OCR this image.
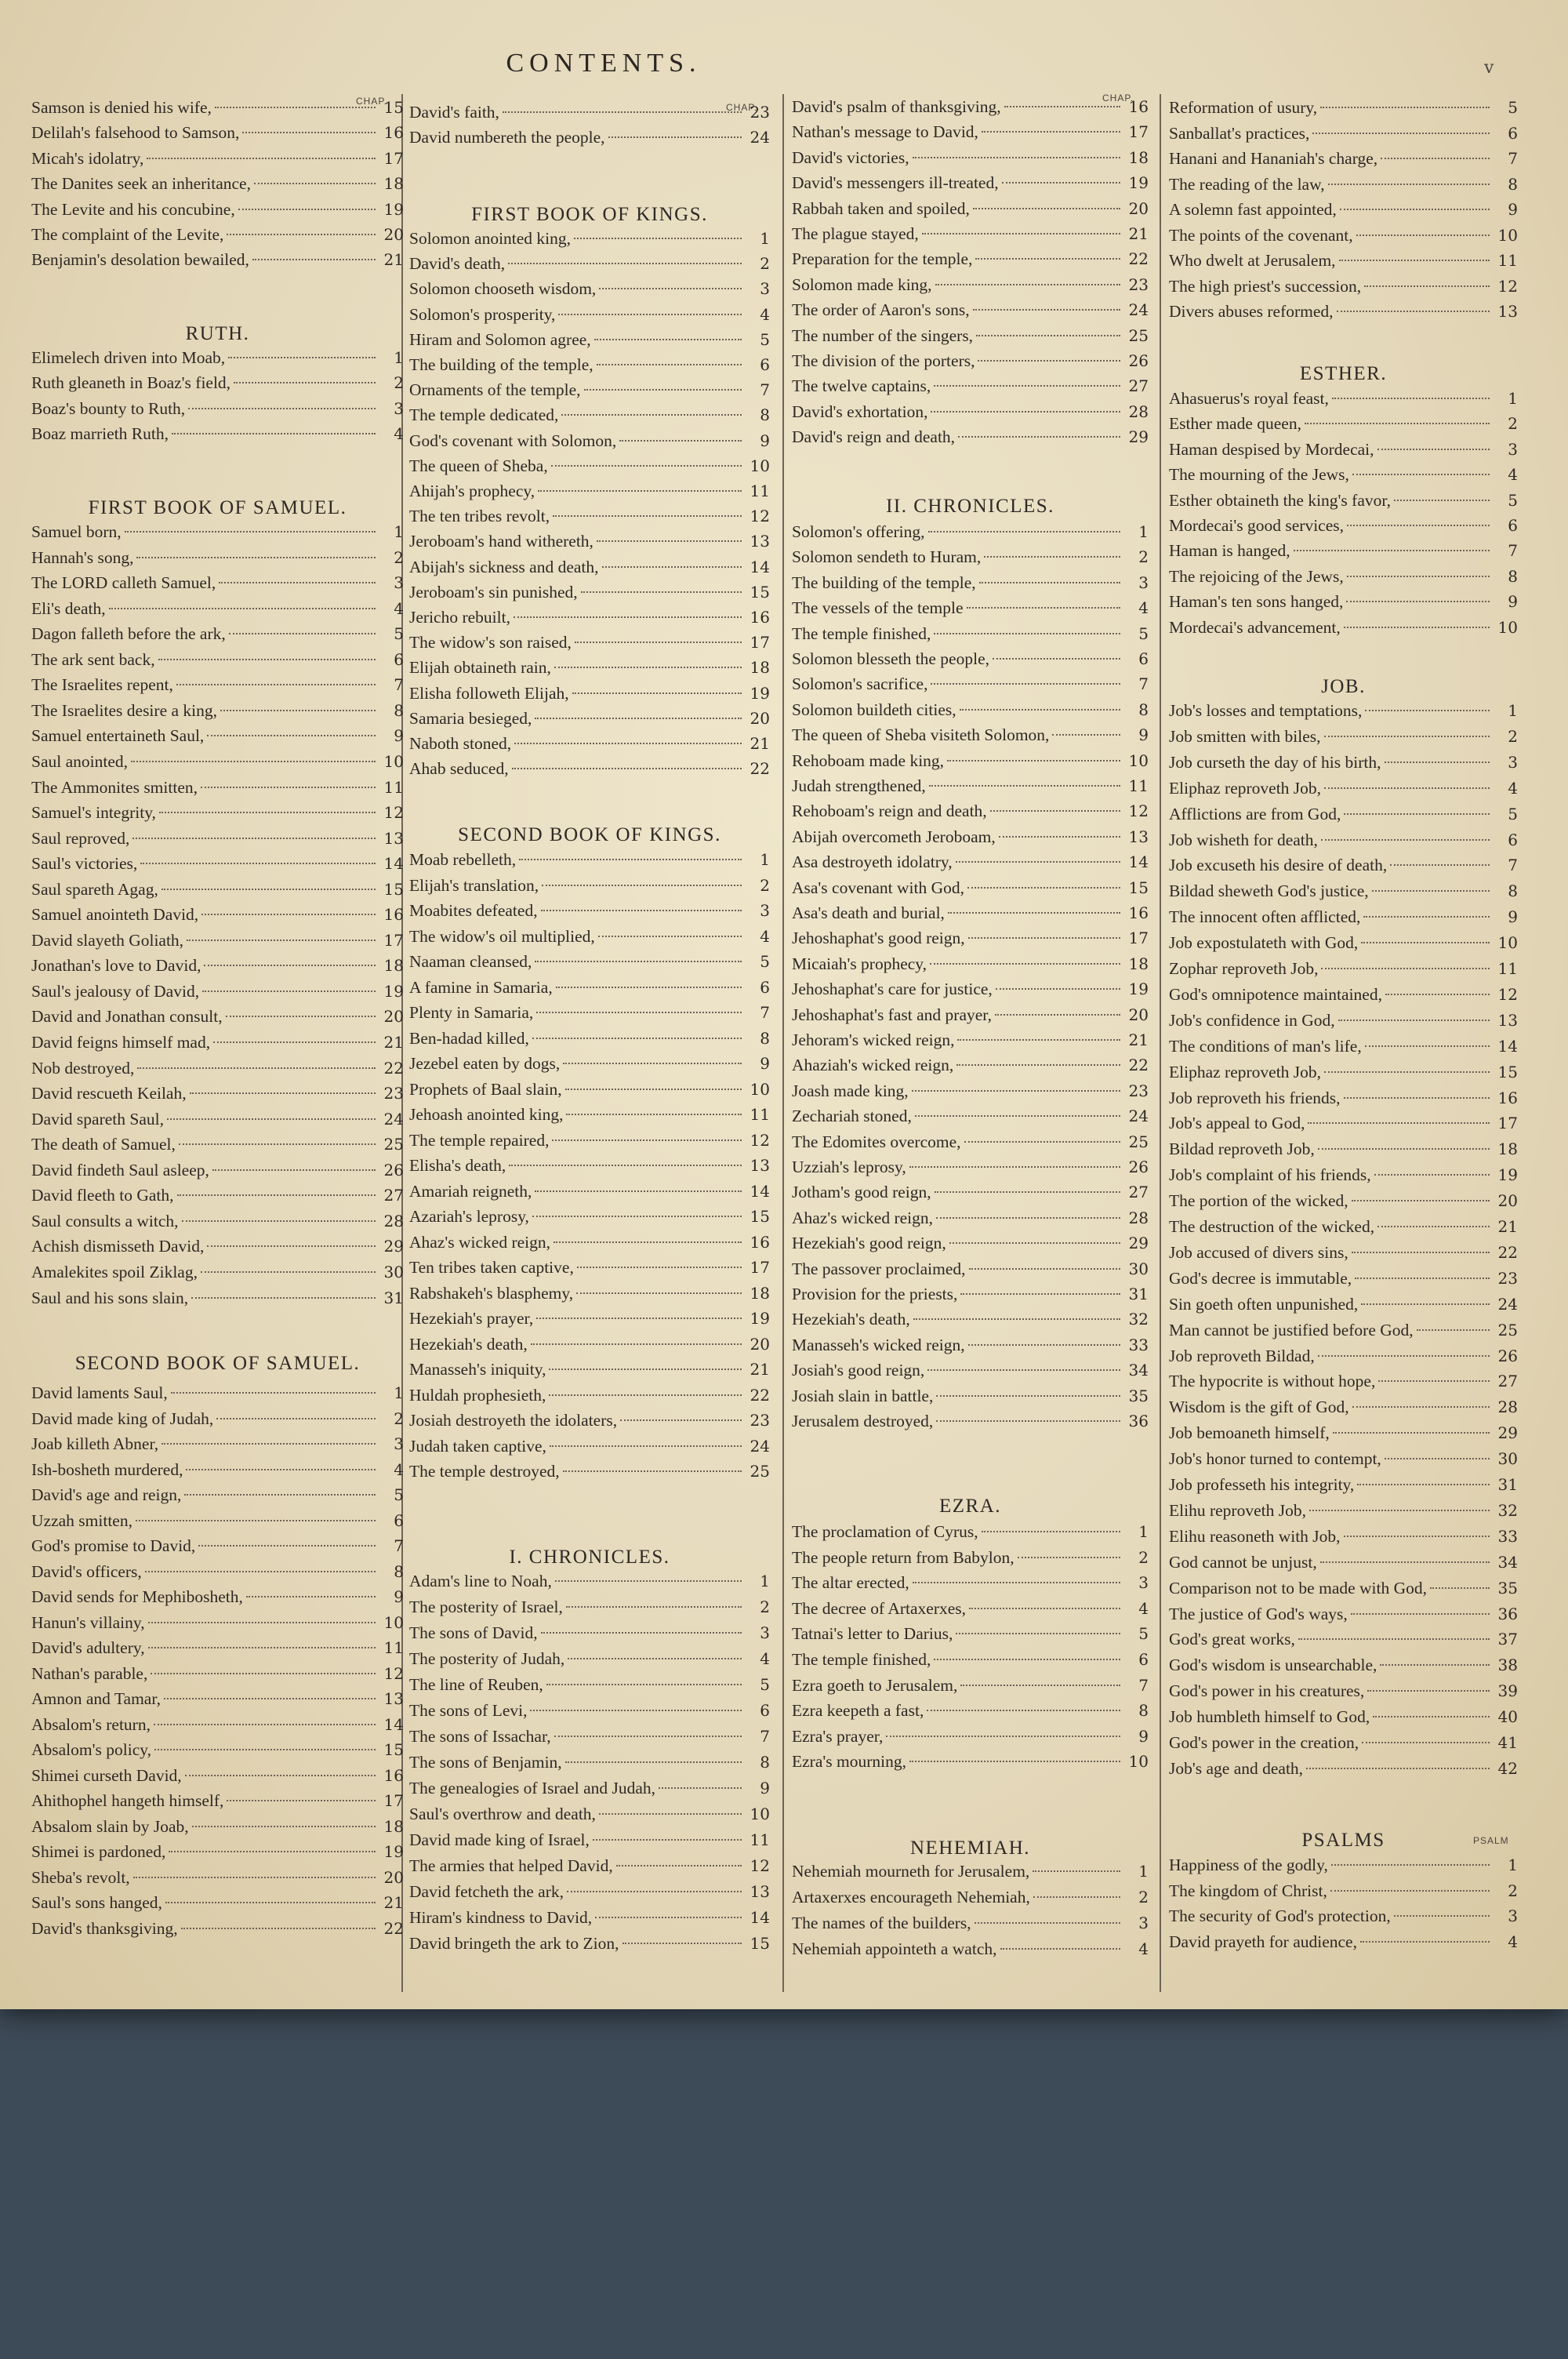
CONTENTS.	v
CHAP.
Samson is denied his wife,	15
Delilah's falsehood to Samson,	16
Micah's idolatry,	17
The Danites seek an inheritance,	18
The Levite and his concubine,	19
The complaint of the Levite,	20
Benjamin's desolation bewailed,	21
RUTH.
Elimelech driven into Moab,	1
Ruth gleaneth in Boaz's field,	2
Boaz's bounty to Ruth,	3
Boaz marrieth Ruth,	4
FIRST BOOK OF SAMUEL.
Samuel born,	1
Hannah's song,	2
The LORD calleth Samuel,	3
Eli's death,	4
Dagon falleth before the ark,	5
The ark sent back,	6
The Israelites repent,	7
The Israelites desire a king,	8
Samuel entertaineth Saul,	9
Saul anointed,	10
The Ammonites smitten,	11
Samuel's integrity,	12
Saul reproved,	13
Saul's victories,	14
Saul spareth Agag,	15
Samuel anointeth David,	16
David slayeth Goliath,	17
Jonathan's love to David,	18
Saul's jealousy of David,	19
David and Jonathan consult,	20
David feigns himself mad,	21
Nob destroyed,	22
David rescueth Keilah,	23
David spareth Saul,	24
The death of Samuel,	25
David findeth Saul asleep,	26
David fleeth to Gath,	27
Saul consults a witch,	28
Achish dismisseth David,	29
Amalekites spoil Ziklag,	30
Saul and his sons slain,	31
SECOND BOOK OF SAMUEL.
David laments Saul,	1
David made king of Judah,	2
Joab killeth Abner,	3
Ish-bosheth murdered,	4
David's age and reign,	5
Uzzah smitten,	6
God's promise to David,	7
David's officers,	8
David sends for Mephibosheth,	9
Hanun's villainy,	10
David's adultery,	11
Nathan's parable,	12
Amnon and Tamar,	13
Absalom's return,	14
Absalom's policy,	15
Shimei curseth David,	16
Ahithophel hangeth himself,	17
Absalom slain by Joab,	18
Shimei is pardoned,	19
Sheba's revolt,	20
Saul's sons hanged,	21
David's thanksgiving,	22
CHAP.
David's faith,	23
David numbereth the people,	24
FIRST BOOK OF KINGS.
Solomon anointed king,	1
David's death,	2
Solomon chooseth wisdom,	3
Solomon's prosperity,	4
Hiram and Solomon agree,	5
The building of the temple,	6
Ornaments of the temple,	7
The temple dedicated,	8
God's covenant with Solomon,	9
The queen of Sheba,	10
Ahijah's prophecy,	11
The ten tribes revolt,	12
Jeroboam's hand withereth,	13
Abijah's sickness and death,	14
Jeroboam's sin punished,	15
Jericho rebuilt,	16
The widow's son raised,	17
Elijah obtaineth rain,	18
Elisha followeth Elijah,	19
Samaria besieged,	20
Naboth stoned,	21
Ahab seduced,	22
SECOND BOOK OF KINGS.
Moab rebelleth,	1
Elijah's translation,	2
Moabites defeated,	3
The widow's oil multiplied,	4
Naaman cleansed,	5
A famine in Samaria,	6
Plenty in Samaria,	7
Ben-hadad killed,	8
Jezebel eaten by dogs,	9
Prophets of Baal slain,	10
Jehoash anointed king,	11
The temple repaired,	12
Elisha's death,	13
Amariah reigneth,	14
Azariah's leprosy,	15
Ahaz's wicked reign,	16
Ten tribes taken captive,	17
Rabshakeh's blasphemy,	18
Hezekiah's prayer,	19
Hezekiah's death,	20
Manasseh's iniquity,	21
Huldah prophesieth,	22
Josiah destroyeth the idolaters,	23
Judah taken captive,	24
The temple destroyed,	25
I. CHRONICLES.
Adam's line to Noah,	1
The posterity of Israel,	2
The sons of David,	3
The posterity of Judah,	4
The line of Reuben,	5
The sons of Levi,	6
The sons of Issachar,	7
The sons of Benjamin,	8
The genealogies of Israel and Judah,	9
Saul's overthrow and death,	10
David made king of Israel,	11
The armies that helped David,	12
David fetcheth the ark,	13
Hiram's kindness to David,	14
David bringeth the ark to Zion,	15
CHAP.
David's psalm of thanksgiving,	16
Nathan's message to David,	17
David's victories,	18
David's messengers ill-treated,	19
Rabbah taken and spoiled,	20
The plague stayed,	21
Preparation for the temple,	22
Solomon made king,	23
The order of Aaron's sons,	24
The number of the singers,	25
The division of the porters,	26
The twelve captains,	27
David's exhortation,	28
David's reign and death,	29
II. CHRONICLES.
Solomon's offering,	1
Solomon sendeth to Huram,	2
The building of the temple,	3
The vessels of the temple	4
The temple finished,	5
Solomon blesseth the people,	6
Solomon's sacrifice,	7
Solomon buildeth cities,	8
The queen of Sheba visiteth Solomon,	9
Rehoboam made king,	10
Judah strengthened,	11
Rehoboam's reign and death,	12
Abijah overcometh Jeroboam,	13
Asa destroyeth idolatry,	14
Asa's covenant with God,	15
Asa's death and burial,	16
Jehoshaphat's good reign,	17
Micaiah's prophecy,	18
Jehoshaphat's care for justice,	19
Jehoshaphat's fast and prayer,	20
Jehoram's wicked reign,	21
Ahaziah's wicked reign,	22
Joash made king,	23
Zechariah stoned,	24
The Edomites overcome,	25
Uzziah's leprosy,	26
Jotham's good reign,	27
Ahaz's wicked reign,	28
Hezekiah's good reign,	29
The passover proclaimed,	30
Provision for the priests,	31
Hezekiah's death,	32
Manasseh's wicked reign,	33
Josiah's good reign,	34
Josiah slain in battle,	35
Jerusalem destroyed,	36
EZRA.
The proclamation of Cyrus,	1
The people return from Babylon,	2
The altar erected,	3
The decree of Artaxerxes,	4
Tatnai's letter to Darius,	5
The temple finished,	6
Ezra goeth to Jerusalem,	7
Ezra keepeth a fast,	8
Ezra's prayer,	9
Ezra's mourning,	10
NEHEMIAH.
Nehemiah mourneth for Jerusalem,	1
Artaxerxes encourageth Nehemiah,	2
The names of the builders,	3
Nehemiah appointeth a watch,	4
PSALM
Reformation of usury,	5
Sanballat's practices,	6
Hanani and Hananiah's charge,	7
The reading of the law,	8
A solemn fast appointed,	9
The points of the covenant,	10
Who dwelt at Jerusalem,	11
The high priest's succession,	12
Divers abuses reformed,	13
ESTHER.
Ahasuerus's royal feast,	1
Esther made queen,	2
Haman despised by Mordecai,	3
The mourning of the Jews,	4
Esther obtaineth the king's favor,	5
Mordecai's good services,	6
Haman is hanged,	7
The rejoicing of the Jews,	8
Haman's ten sons hanged,	9
Mordecai's advancement,	10
JOB.
Job's losses and temptations,	1
Job smitten with biles,	2
Job curseth the day of his birth,	3
Eliphaz reproveth Job,	4
Afflictions are from God,	5
Job wisheth for death,	6
Job excuseth his desire of death,	7
Bildad sheweth God's justice,	8
The innocent often afflicted,	9
Job expostulateth with God,	10
Zophar reproveth Job,	11
God's omnipotence maintained,	12
Job's confidence in God,	13
The conditions of man's life,	14
Eliphaz reproveth Job,	15
Job reproveth his friends,	16
Job's appeal to God,	17
Bildad reproveth Job,	18
Job's complaint of his friends,	19
The portion of the wicked,	20
The destruction of the wicked,	21
Job accused of divers sins,	22
God's decree is immutable,	23
Sin goeth often unpunished,	24
Man cannot be justified before God,	25
Job reproveth Bildad,	26
The hypocrite is without hope,	27
Wisdom is the gift of God,	28
Job bemoaneth himself,	29
Job's honor turned to contempt,	30
Job professeth his integrity,	31
Elihu reproveth Job,	32
Elihu reasoneth with Job,	33
God cannot be unjust,	34
Comparison not to be made with God,	35
The justice of God's ways,	36
God's great works,	37
God's wisdom is unsearchable,	38
God's power in his creatures,	39
Job humbleth himself to God,	40
God's power in the creation,	41
Job's age and death,	42
PSALMS
Happiness of the godly,	1
The kingdom of Christ,	2
The security of God's protection,	3
David prayeth for audience,	4
